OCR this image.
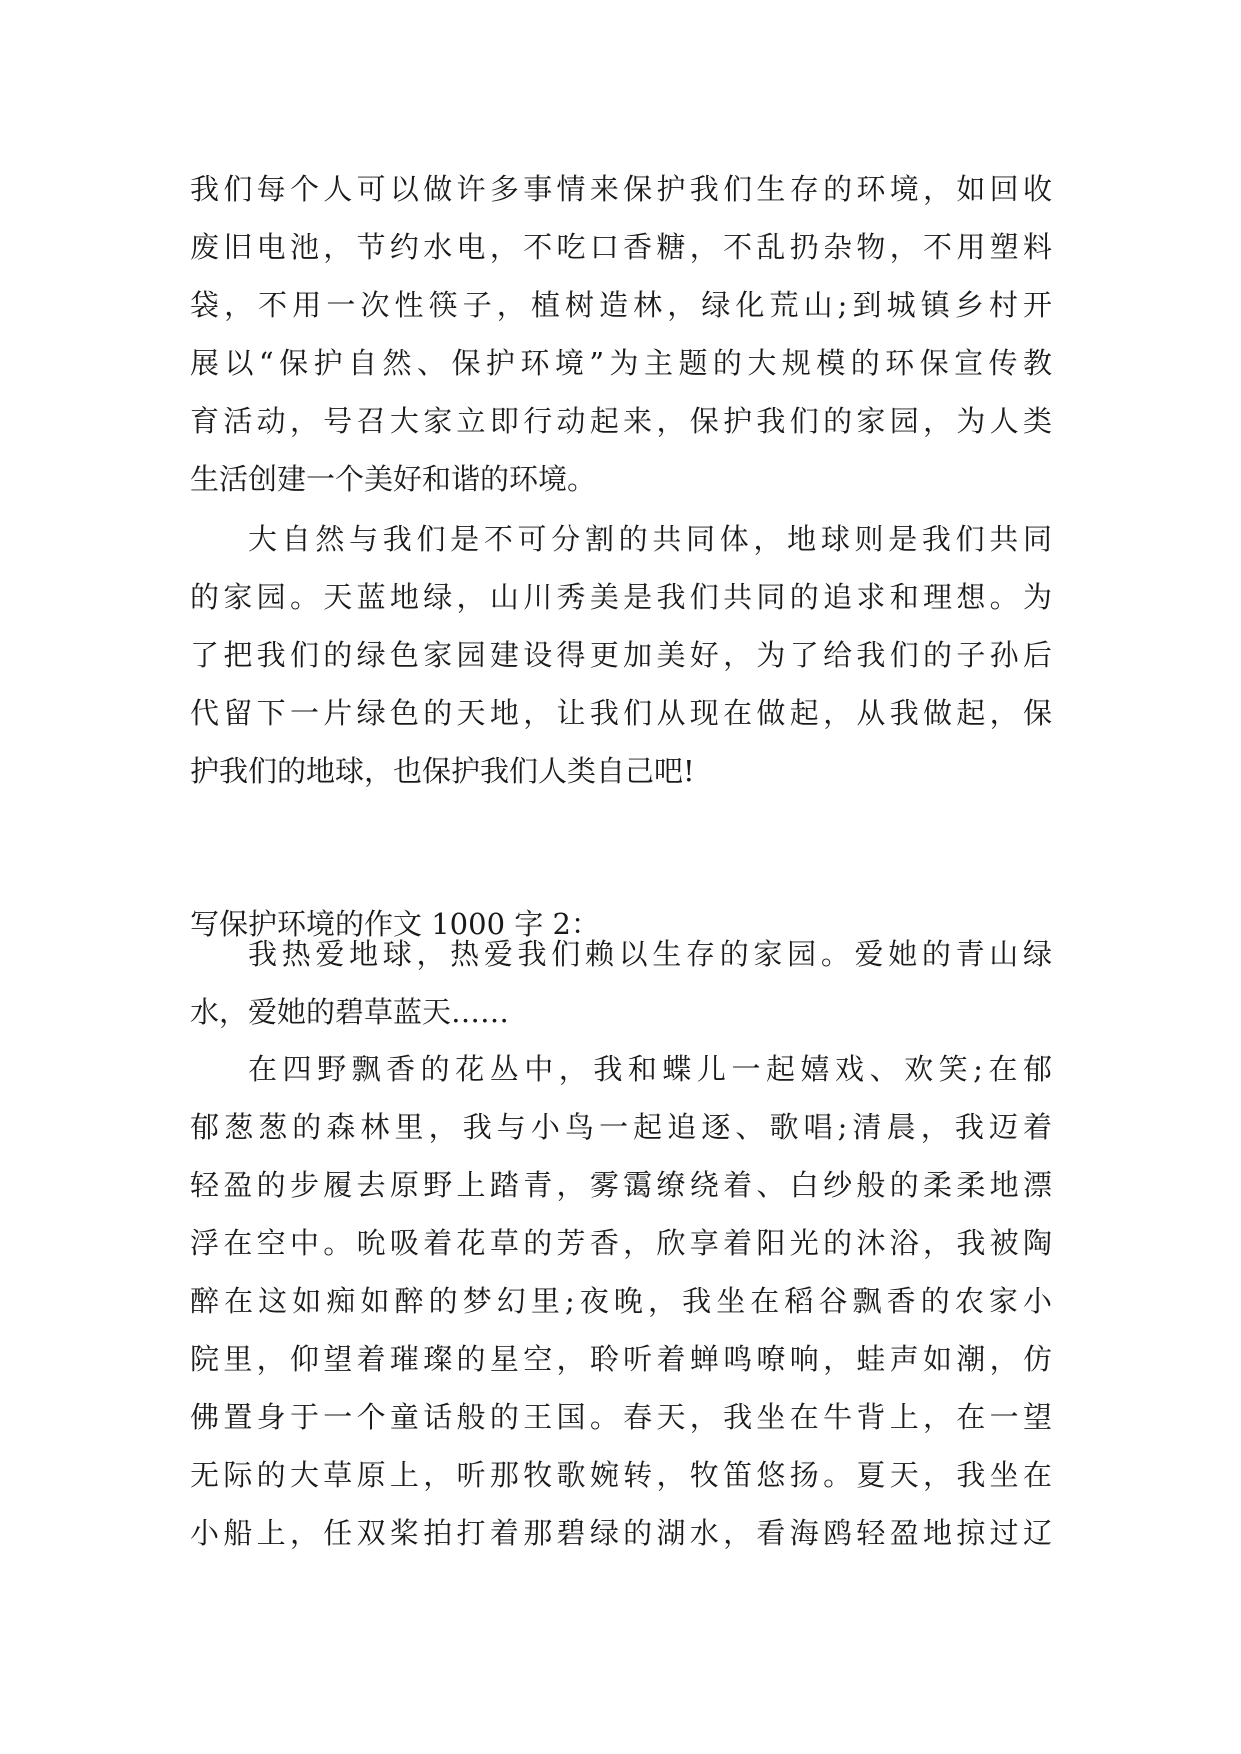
我们每个人可以做许多事情来保护我们生存的环境，如回收
废旧电池，节约水电，不吃口香糖，不乱扔杂物，不用塑料
袋，不用一次性筷子，植树造林，绿化荒山;到城镇乡村开
展以“保护自然、保护环境”为主题的大规模的环保宣传教
育活动，号召大家立即行动起来，保护我们的家园，为人类
生活创建一个美好和谐的环境。
大自然与我们是不可分割的共同体，地球则是我们共同
的家园。天蓝地绿，山川秀美是我们共同的追求和理想。为
了把我们的绿色家园建设得更加美好，为了给我们的子孙后
代留下一片绿色的天地，让我们从现在做起，从我做起，保
护我们的地球，也保护我们人类自己吧!
写保护环境的作文 1000 字 2：
我热爱地球，热爱我们赖以生存的家园。爱她的青山绿
水，爱她的碧草蓝天……
在四野飘香的花丛中，我和蝶儿一起嬉戏、欢笑;在郁
郁葱葱的森林里，我与小鸟一起追逐、歌唱;清晨，我迈着
轻盈的步履去原野上踏青，雾霭缭绕着、白纱般的柔柔地漂
浮在空中。吮吸着花草的芳香，欣享着阳光的沐浴，我被陶
醉在这如痴如醉的梦幻里;夜晚，我坐在稻谷飘香的农家小
院里，仰望着璀璨的星空，聆听着蝉鸣嘹响，蛙声如潮，仿
佛置身于一个童话般的王国。春天，我坐在牛背上，在一望
无际的大草原上，听那牧歌婉转，牧笛悠扬。夏天，我坐在
小船上，任双桨拍打着那碧绿的湖水，看海鸥轻盈地掠过辽
